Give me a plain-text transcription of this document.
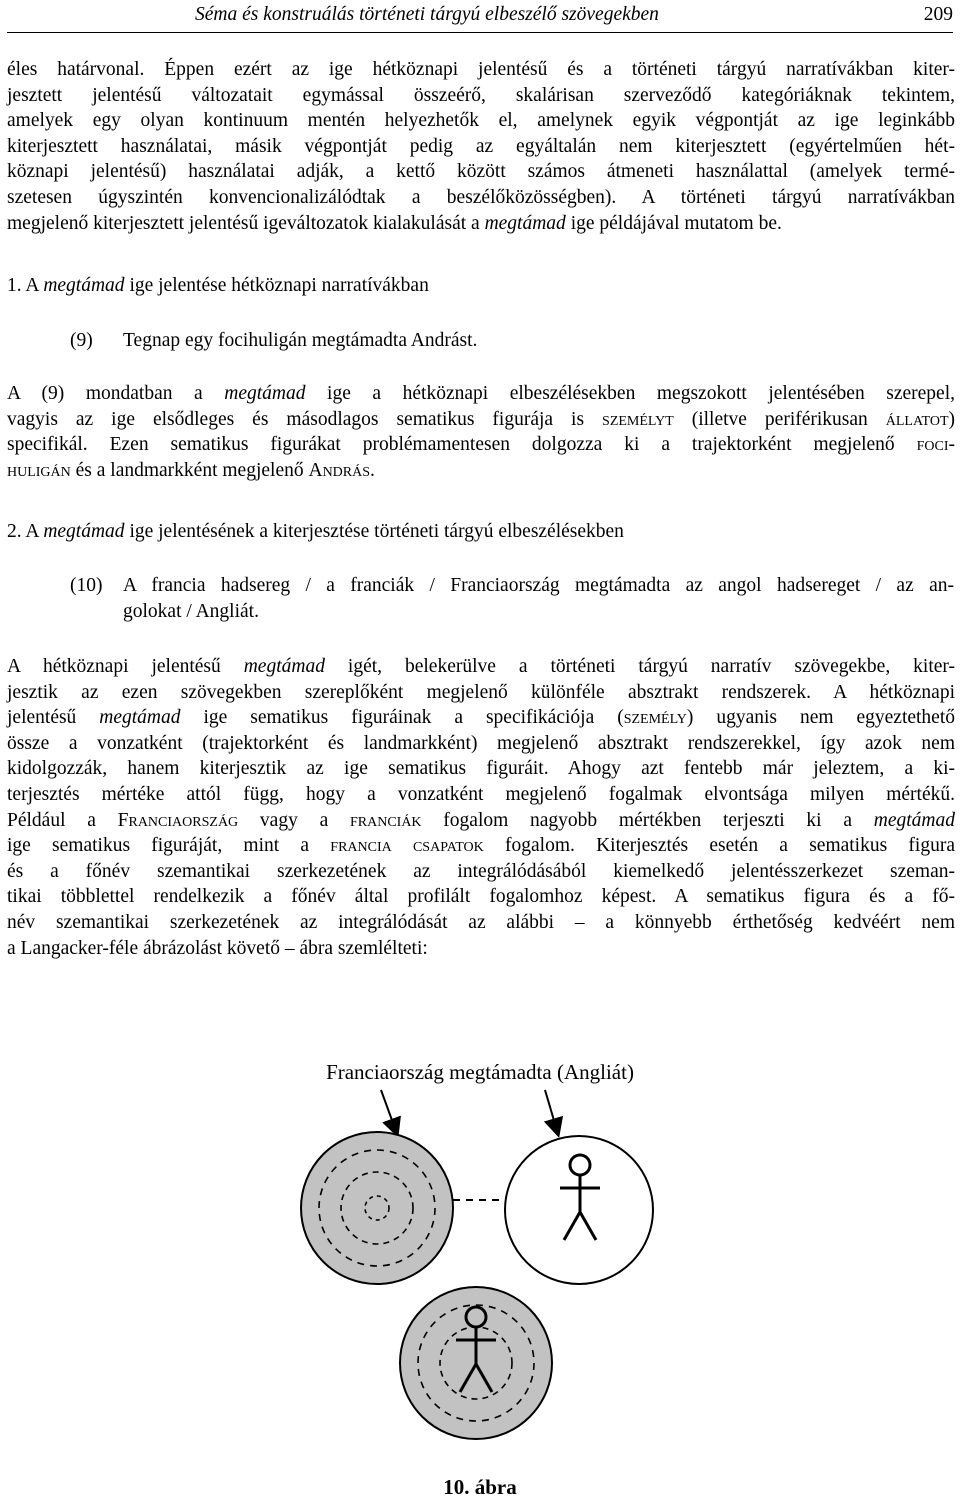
Séma és konstruálás történeti tárgyú elbeszélő szövegekben	209
éles határvonal. Éppen ezért az ige hétköznapi jelentésű és a történeti tárgyú narratívákban kiter-
jesztett jelentésű változatait egymással összeérő, skalárisan szerveződő kategóriáknak tekintem,
amelyek egy olyan kontinuum mentén helyezhetők el, amelynek egyik végpontját az ige leginkább
kiterjesztett használatai, másik végpontját pedig az egyáltalán nem kiterjesztett (egyértelműen hét-
köznapi jelentésű) használatai adják, a kettő között számos átmeneti használattal (amelyek termé-
szetesen úgyszintén konvencionalizálódtak a beszélőközösségben). A történeti tárgyú narratívákban
megjelenő kiterjesztett jelentésű igeváltozatok kialakulását a megtámad ige példájával mutatom be.
1. A megtámad ige jelentése hétköznapi narratívákban
(9) Tegnap egy focihuligán megtámadta Andrást.
A (9) mondatban a megtámad ige a hétköznapi elbeszélésekben megszokott jelentésében szerepel,
vagyis az ige elsődleges és másodlagos sematikus figurája is személyt (illetve periférikusan állatot)
specifikál. Ezen sematikus figurákat problémamentesen dolgozza ki a trajektorként megjelenő foci-
huligán és a landmarkként megjelenő András.
2. A megtámad ige jelentésének a kiterjesztése történeti tárgyú elbeszélésekben
(10) A francia hadsereg / a franciák / Franciaország megtámadta az angol hadsereget / az an-
golokat / Angliát.
A hétköznapi jelentésű megtámad igét, belekerülve a történeti tárgyú narratív szövegekbe, kiter-
jesztik az ezen szövegekben szereplőként megjelenő különféle absztrakt rendszerek. A hétköznapi
jelentésű megtámad ige sematikus figuráinak a specifikációja (személy) ugyanis nem egyeztethető
össze a vonzatként (trajektorként és landmarkként) megjelenő absztrakt rendszerekkel, így azok nem
kidolgozzák, hanem kiterjesztik az ige sematikus figuráit. Ahogy azt fentebb már jeleztem, a ki-
terjesztés mértéke attól függ, hogy a vonzatként megjelenő fogalmak elvontsága milyen mértékű.
Például a Franciaország vagy a franciák fogalom nagyobb mértékben terjeszti ki a megtámad
ige sematikus figuráját, mint a francia csapatok fogalom. Kiterjesztés esetén a sematikus figura
és a főnév szemantikai szerkezetének az integrálódásából kiemelkedő jelentésszerkezet szeman-
tikai többlettel rendelkezik a főnév által profilált fogalomhoz képest. A sematikus figura és a fő-
név szemantikai szerkezetének az integrálódását az alábbi – a könnyebb érthetőség kedvéért nem
a Langacker-féle ábrázolást követő – ábra szemlélteti:
Franciaország megtámadta (Angliát)
10. ábra
